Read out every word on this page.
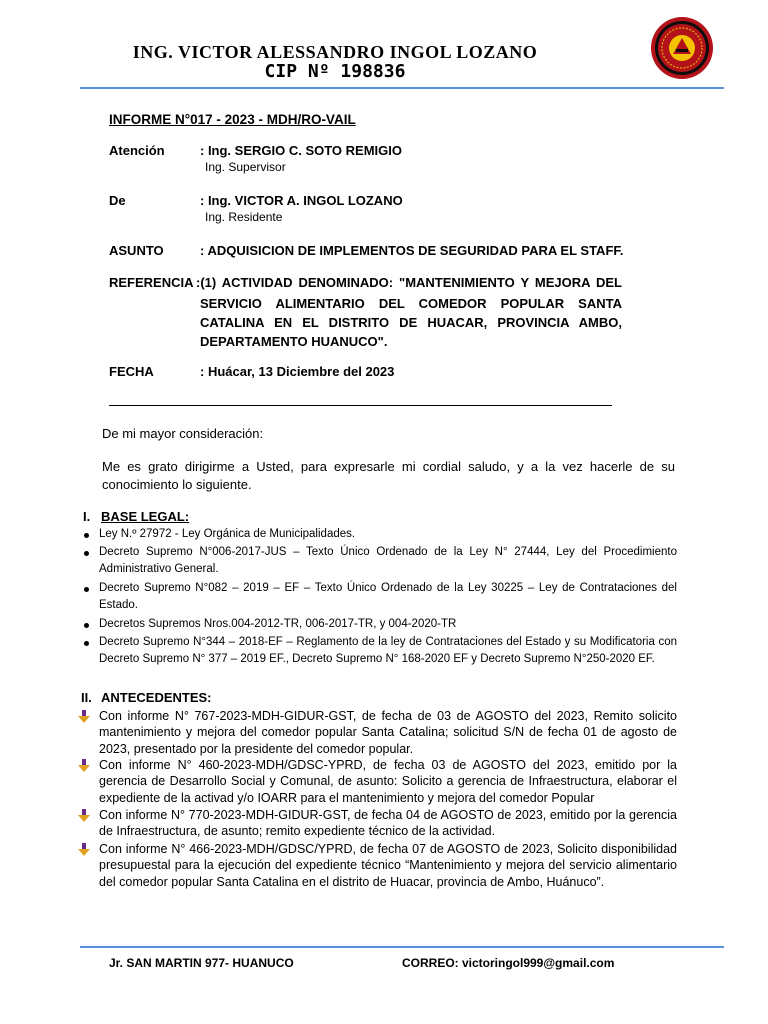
ING. VICTOR ALESSANDRO INGOL LOZANO
CIP Nº 198836
INFORME N°017 - 2023 - MDH/RO-VAIL
Atención	: Ing. SERGIO C. SOTO REMIGIO
Ing. Supervisor
De	: Ing. VICTOR A. INGOL LOZANO
Ing. Residente
ASUNTO	: ADQUISICION DE IMPLEMENTOS DE SEGURIDAD PARA EL STAFF.
REFERENCIA :(1) ACTIVIDAD DENOMINADO: "MANTENIMIENTO Y MEJORA DEL
SERVICIO ALIMENTARIO DEL COMEDOR POPULAR SANTA CATALINA EN EL DISTRITO DE HUACAR, PROVINCIA AMBO, DEPARTAMENTO HUANUCO".
FECHA	: Huácar, 13 Diciembre del 2023
De mi mayor consideración:
Me es grato dirigirme a Usted, para expresarle mi cordial saludo, y a la vez hacerle de su conocimiento lo siguiente.
I. BASE LEGAL:
Ley N.º 27972 - Ley Orgánica de Municipalidades.
Decreto Supremo N°006-2017-JUS – Texto Único Ordenado de la Ley N° 27444, Ley del Procedimiento Administrativo General.
Decreto Supremo N°082 – 2019 – EF – Texto Único Ordenado de la Ley 30225 – Ley de Contrataciones del Estado.
Decretos Supremos Nros.004-2012-TR, 006-2017-TR, y 004-2020-TR
Decreto Supremo N°344 – 2018-EF – Reglamento de la ley de Contrataciones del Estado y su Modificatoria con Decreto Supremo N° 377 – 2019 EF., Decreto Supremo N° 168-2020 EF y Decreto Supremo N°250-2020 EF.
II. ANTECEDENTES:
Con informe N° 767-2023-MDH-GIDUR-GST, de fecha de 03 de AGOSTO del 2023, Remito solicito mantenimiento y mejora del comedor popular Santa Catalina; solicitud S/N de fecha 01 de agosto de 2023, presentado por la presidente del comedor popular.
Con informe N° 460-2023-MDH/GDSC-YPRD, de fecha 03 de AGOSTO del 2023, emitido por la gerencia de Desarrollo Social y Comunal, de asunto: Solicito a gerencia de Infraestructura, elaborar el expediente de la activad y/o IOARR para el mantenimiento y mejora del comedor Popular
Con informe N° 770-2023-MDH-GIDUR-GST, de fecha 04 de AGOSTO de 2023, emitido por la gerencia de Infraestructura, de asunto; remito expediente técnico de la actividad.
Con informe N° 466-2023-MDH/GDSC/YPRD, de fecha 07 de AGOSTO de 2023, Solicito disponibilidad presupuestal para la ejecución del expediente técnico “Mantenimiento y mejora del servicio alimentario del comedor popular Santa Catalina en el distrito de Huacar, provincia de Ambo, Huánuco”.
Jr. SAN MARTIN 977- HUANUCO	CORREO: victoringol999@gmail.com
